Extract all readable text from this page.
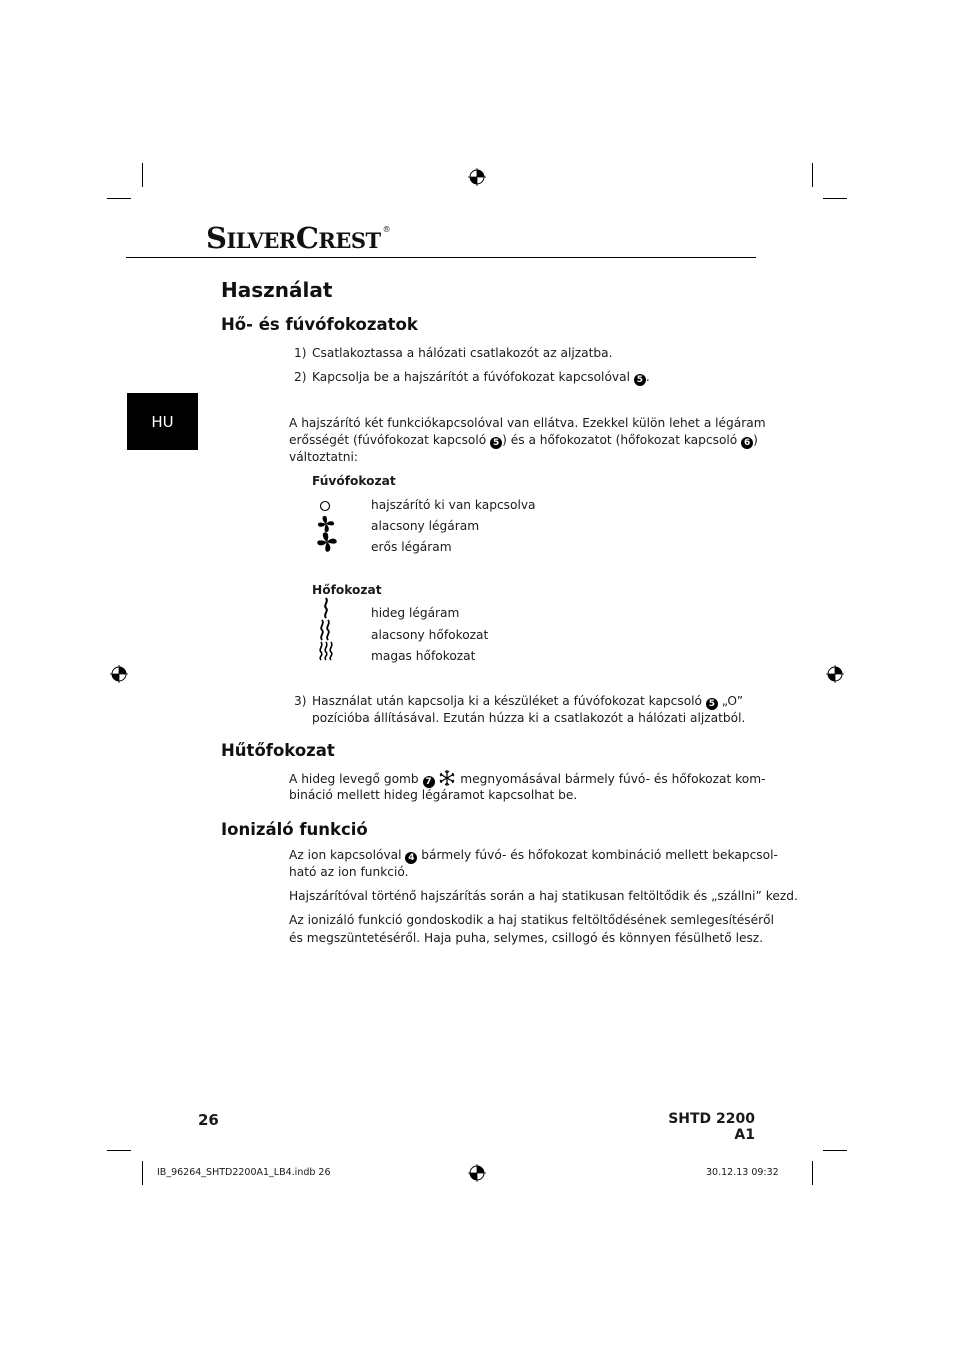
SILVERCREST ®
HU
Használat
Hő- és fúvófokozatok
1) Csatlakoztassa a hálózati csatlakozót az aljzatba.
2) Kapcsolja be a hajszárítót a fúvófokozat kapcsolóval 5 .
A hajszárító két funkciókapcsolóval van ellátva. Ezekkel külön lehet a légáram
erősségét (fúvófokozat kapcsoló 5 ) és a hőfokozatot (hőfokozat kapcsoló 6 )
változtatni:
Fúvófokozat
hajszárító ki van kapcsolva
alacsony légáram
erős légáram
Hőfokozat
hideg légáram
alacsony hőfokozat
magas hőfokozat
3) Használat után kapcsolja ki a készüléket a fúvófokozat kapcsoló 5 „O”
pozícióba állításával. Ezután húzza ki a csatlakozót a hálózati aljzatból.
Hűtőfokozat
A hideg levegő gomb 7 megnyomásával bármely fúvó- és hőfokozat kom-
bináció mellett hideg légáramot kapcsolhat be.
Ionizáló funkció
Az ion kapcsolóval 4 bármely fúvó- és hőfokozat kombináció mellett bekapcsol-
ható az ion funkció.
Hajszárítóval történő hajszárítás során a haj statikusan feltöltődik és „szállni” kezd.
Az ionizáló funkció gondoskodik a haj statikus feltöltődésének semlegesítéséről
és megszüntetéséről. Haja puha, selymes, csillogó és könnyen fésülhető lesz.
26	SHTD 2200 A1
IB_96264_SHTD2200A1_LB4.indb 26	30.12.13 09:32
